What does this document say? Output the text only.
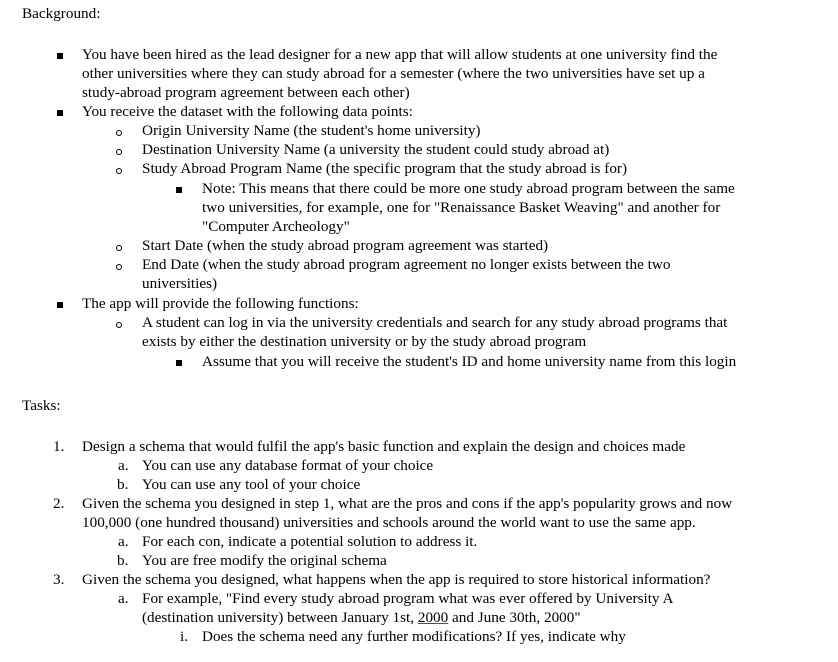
Background:
You have been hired as the lead designer for a new app that will allow students at one university find the
other universities where they can study abroad for a semester (where the two universities have set up a
study-abroad program agreement between each other)
You receive the dataset with the following data points:
Origin University Name (the student's home university)
Destination University Name (a university the student could study abroad at)
Study Abroad Program Name (the specific program that the study abroad is for)
Note: This means that there could be more one study abroad program between the same
two universities, for example, one for "Renaissance Basket Weaving" and another for
"Computer Archeology"
Start Date (when the study abroad program agreement was started)
End Date (when the study abroad program agreement no longer exists between the two
universities)
The app will provide the following functions:
A student can log in via the university credentials and search for any study abroad programs that
exists by either the destination university or by the study abroad program
Assume that you will receive the student's ID and home university name from this login
Tasks:
1. Design a schema that would fulfil the app's basic function and explain the design and choices made
a. You can use any database format of your choice
b. You can use any tool of your choice
2. Given the schema you designed in step 1, what are the pros and cons if the app's popularity grows and now
100,000 (one hundred thousand) universities and schools around the world want to use the same app.
a. For each con, indicate a potential solution to address it.
b. You are free modify the original schema
3. Given the schema you designed, what happens when the app is required to store historical information?
a. For example, "Find every study abroad program what was ever offered by University A
(destination university) between January 1st, 2000 and June 30th, 2000"
i. Does the schema need any further modifications? If yes, indicate why
